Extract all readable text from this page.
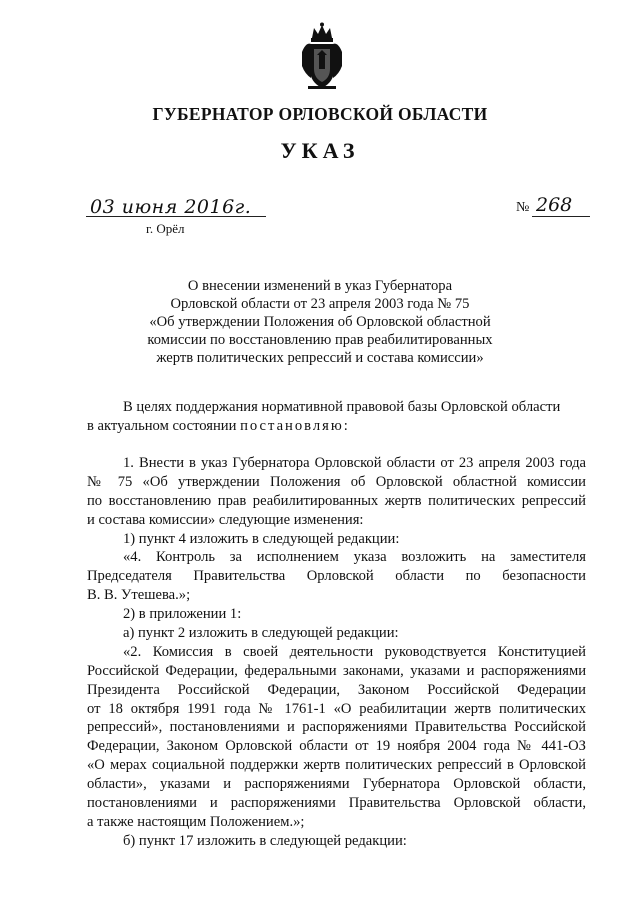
ГУБЕРНАТОР ОРЛОВСКОЙ ОБЛАСТИ
УКАЗ
03 июня 2016г.	№ 268
г. Орёл
О внесении изменений в указ Губернатора
Орловской области от 23 апреля 2003 года № 75
«Об утверждении Положения об Орловской областной
комиссии по восстановлению прав реабилитированных
жертв политических репрессий и состава комиссии»
В целях поддержания нормативной правовой базы Орловской области
в актуальном состоянии постановляю:
1. Внести в указ Губернатора Орловской области от 23 апреля 2003 года
№ 75 «Об утверждении Положения об Орловской областной комиссии
по восстановлению прав реабилитированных жертв политических репрессий
и состава комиссии» следующие изменения:
1) пункт 4 изложить в следующей редакции:
«4. Контроль за исполнением указа возложить на заместителя
Председателя Правительства Орловской области по безопасности
В. В. Утешева.»;
2) в приложении 1:
а) пункт 2 изложить в следующей редакции:
«2. Комиссия в своей деятельности руководствуется Конституцией
Российской Федерации, федеральными законами, указами и распоряжениями
Президента Российской Федерации, Законом Российской Федерации
от 18 октября 1991 года № 1761-1 «О реабилитации жертв политических
репрессий», постановлениями и распоряжениями Правительства Российской
Федерации, Законом Орловской области от 19 ноября 2004 года № 441-ОЗ
«О мерах социальной поддержки жертв политических репрессий в Орловской
области», указами и распоряжениями Губернатора Орловской области,
постановлениями и распоряжениями Правительства Орловской области,
а также настоящим Положением.»;
б) пункт 17 изложить в следующей редакции:
